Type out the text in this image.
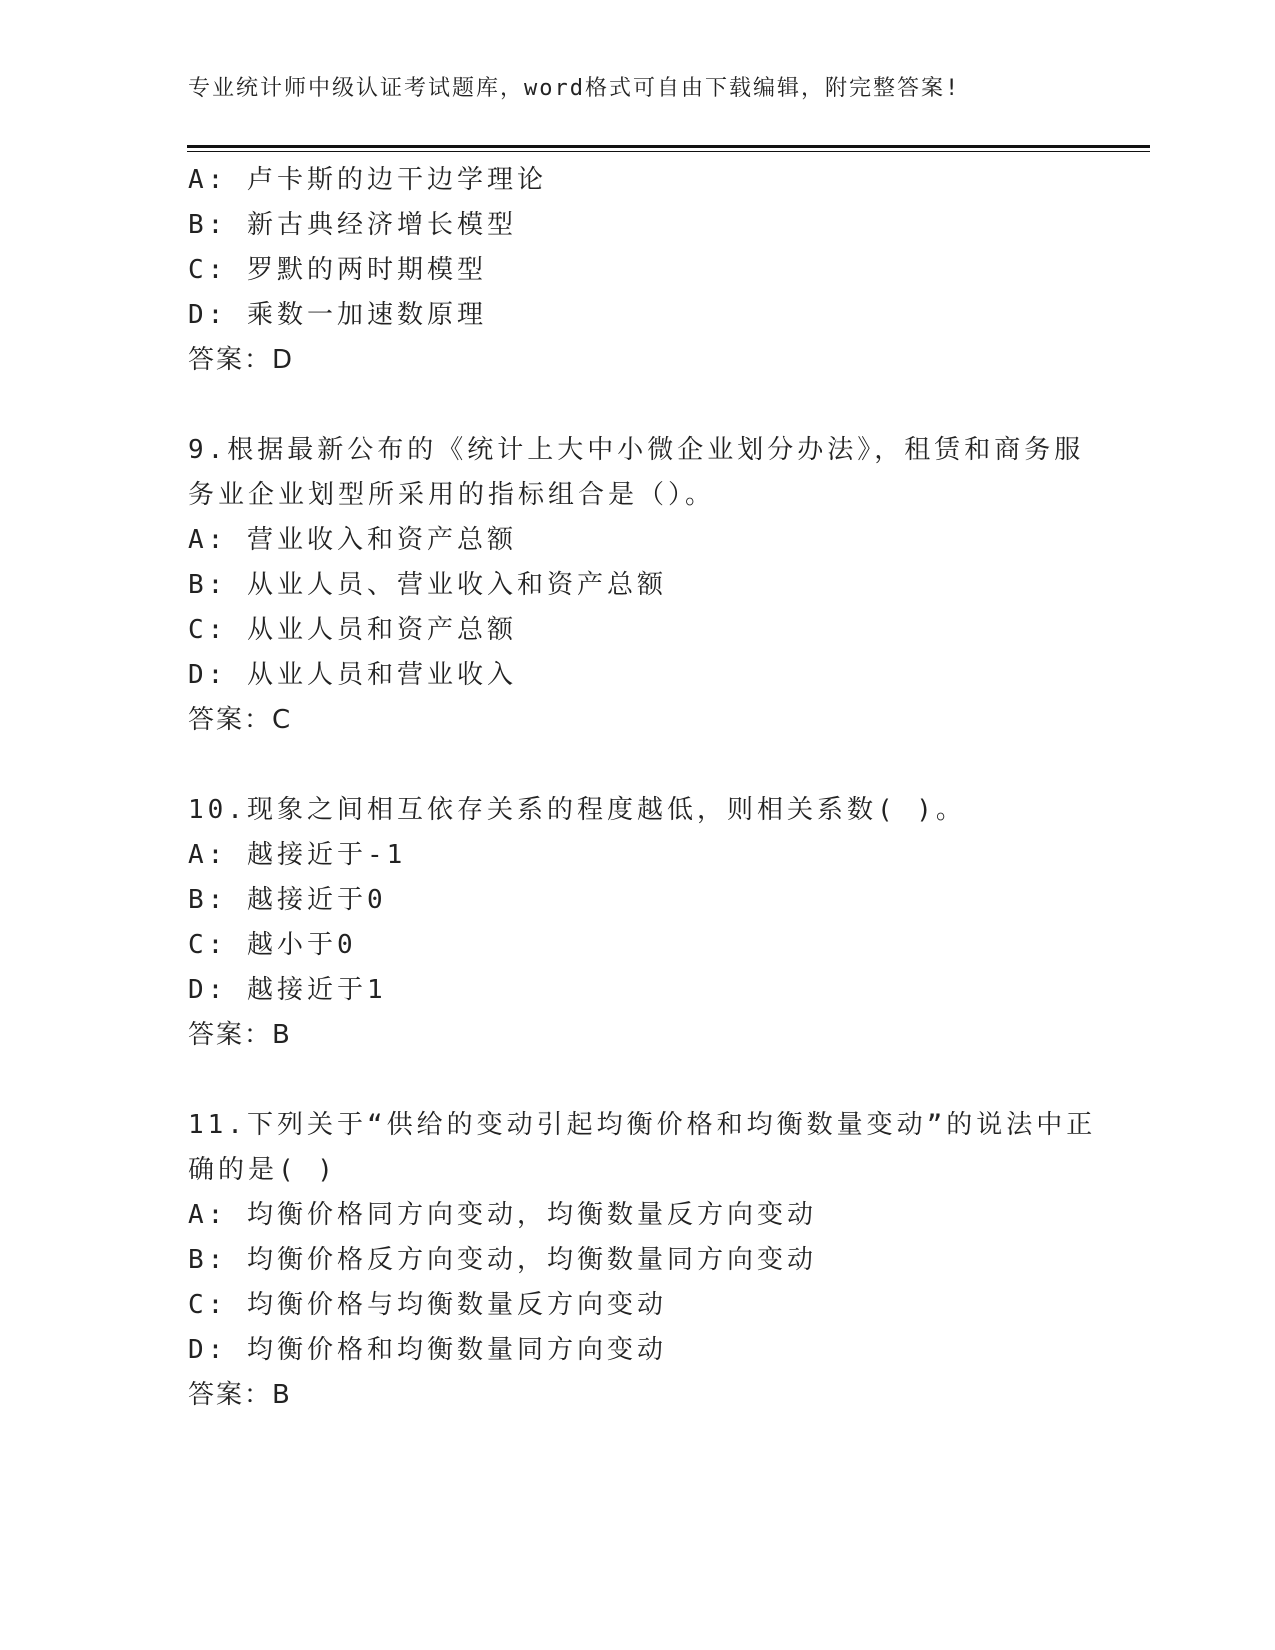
专业统计师中级认证考试题库，word格式可自由下载编辑，附完整答案!
A: 卢卡斯的边干边学理论
B: 新古典经济增长模型
C: 罗默的两时期模型
D: 乘数一加速数原理
答案：D
9.根据最新公布的《统计上大中小微企业划分办法》，租赁和商务服
务业企业划型所采用的指标组合是（）。
A: 营业收入和资产总额
B: 从业人员、营业收入和资产总额
C: 从业人员和资产总额
D: 从业人员和营业收入
答案：C
10.现象之间相互依存关系的程度越低，则相关系数( )。
A: 越接近于-1
B: 越接近于0
C: 越小于0
D: 越接近于1
答案：B
11.下列关于“供给的变动引起均衡价格和均衡数量变动”的说法中正
确的是( )
A: 均衡价格同方向变动，均衡数量反方向变动
B: 均衡价格反方向变动，均衡数量同方向变动
C: 均衡价格与均衡数量反方向变动
D: 均衡价格和均衡数量同方向变动
答案：B
